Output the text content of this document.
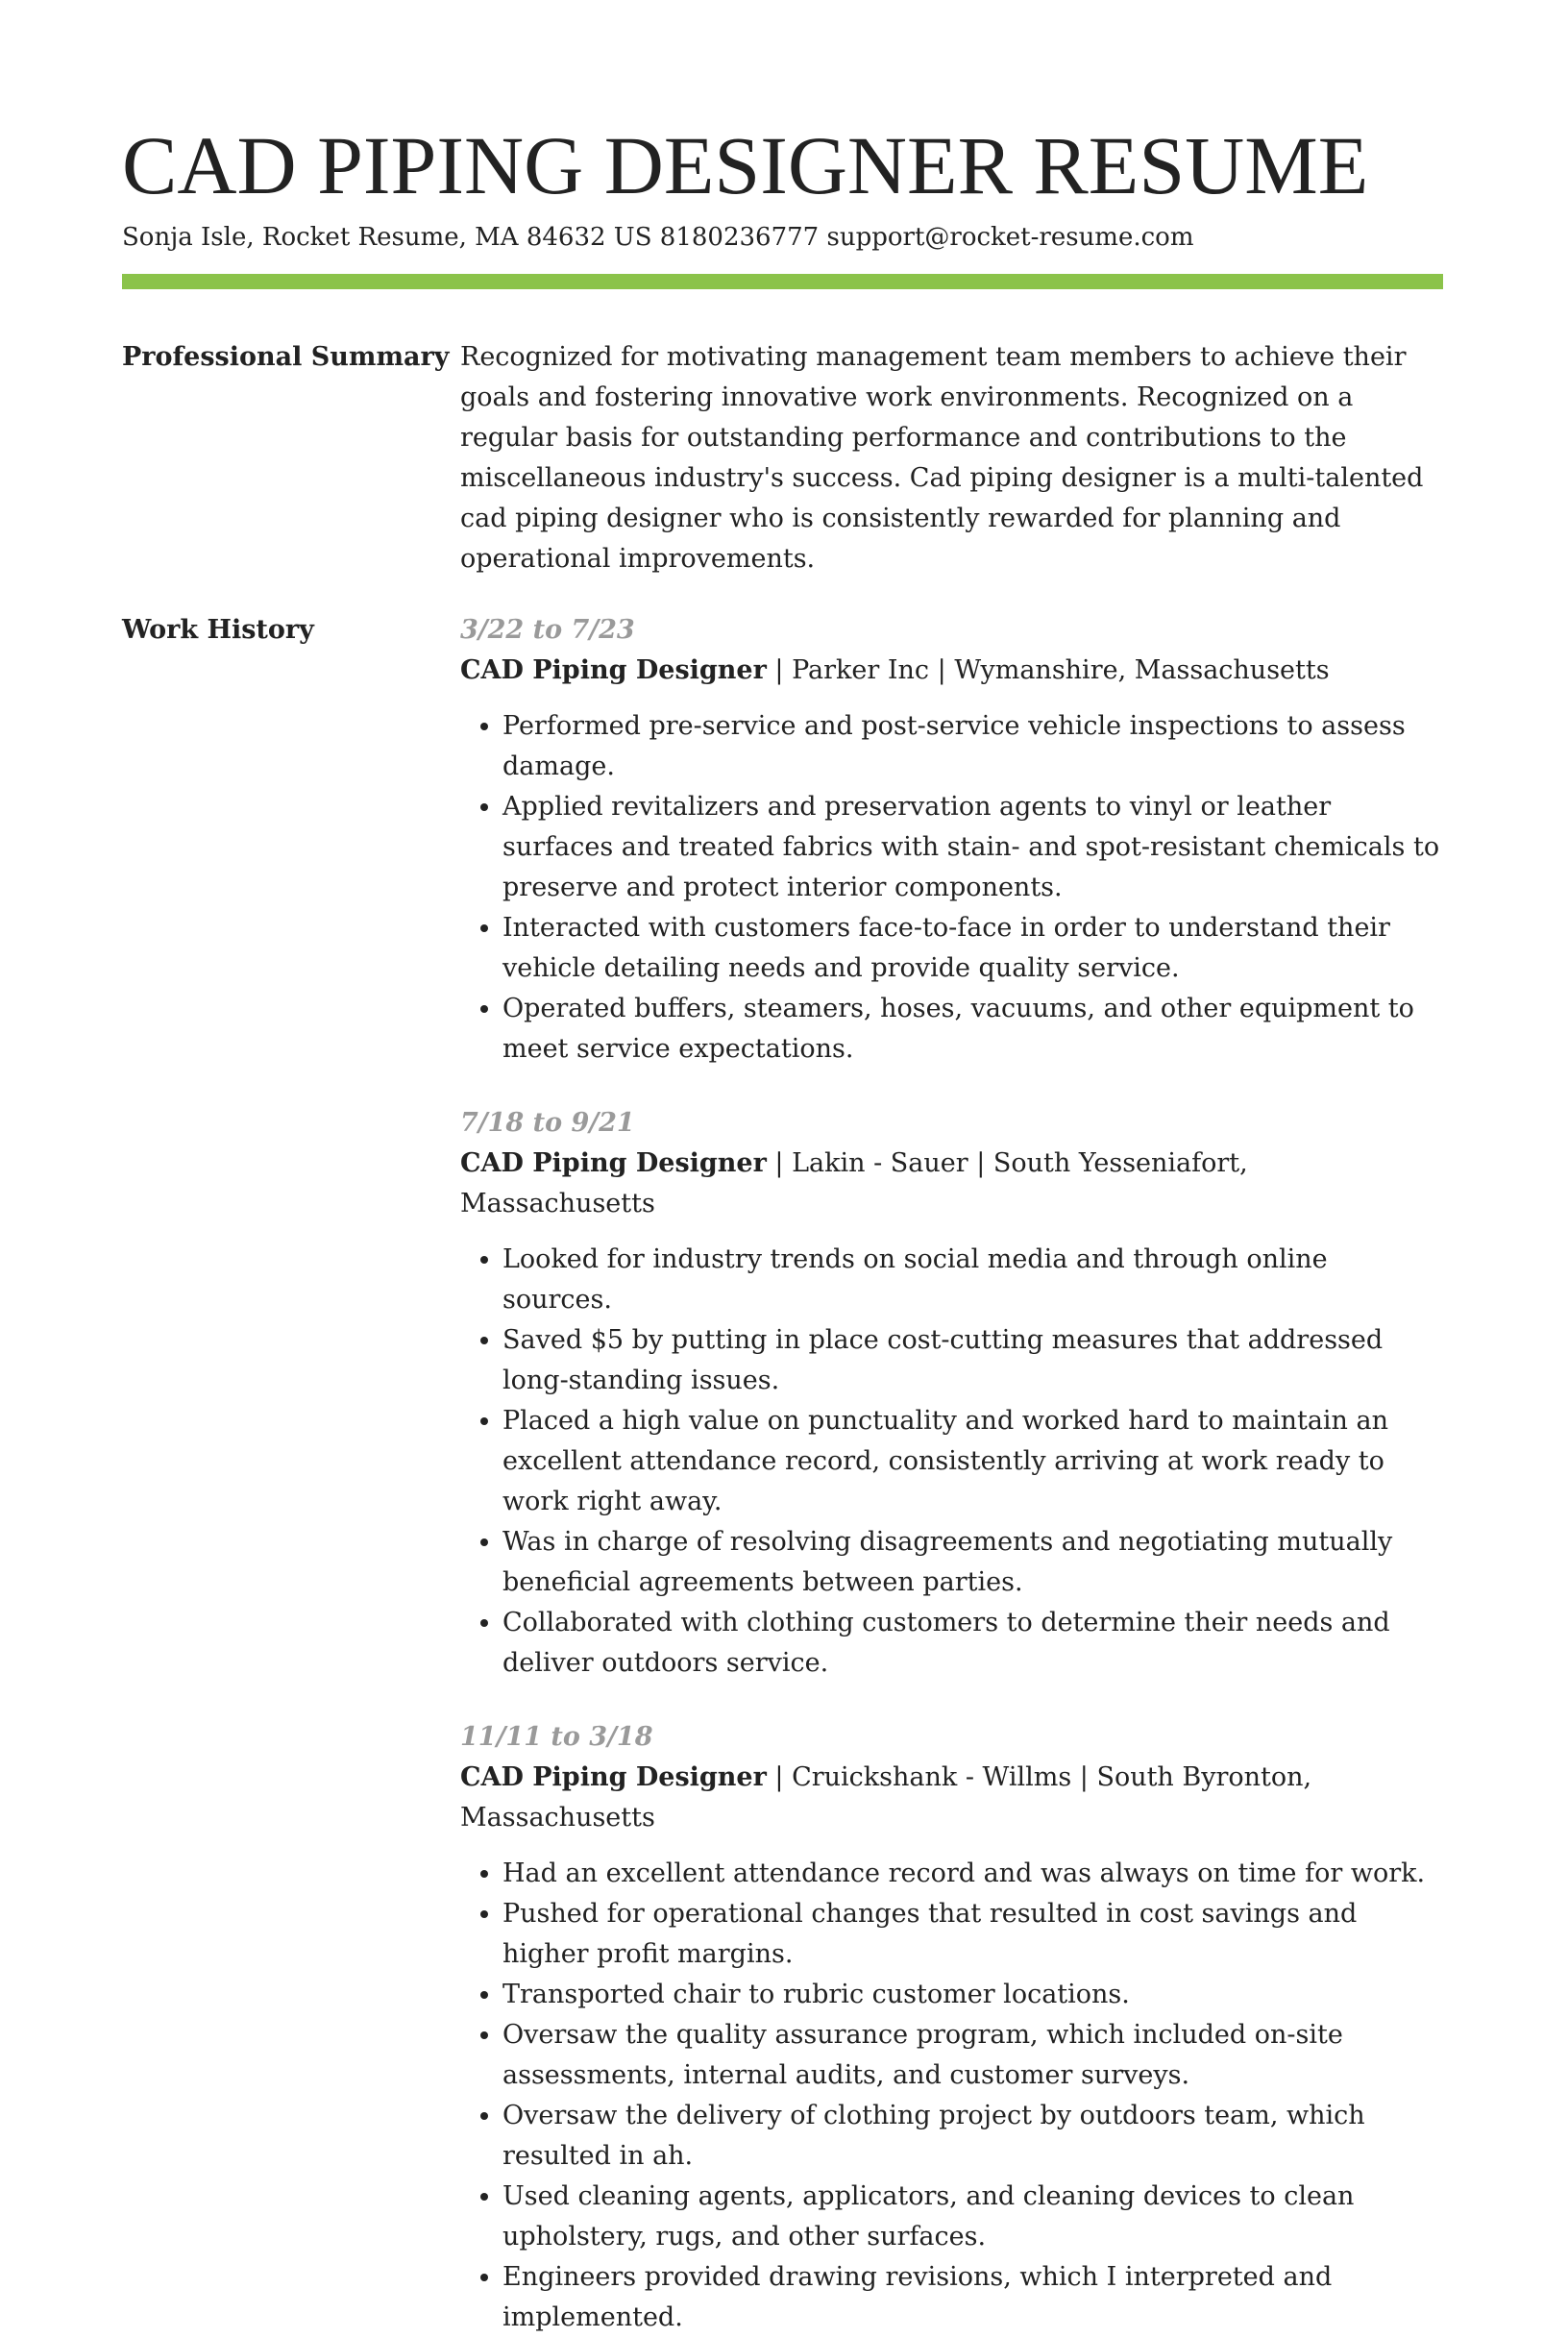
CAD PIPING DESIGNER RESUME
Sonja Isle, Rocket Resume, MA 84632 US 8180236777 support@rocket-resume.com
Professional Summary Recognized for motivating management team members to achieve their goals and fostering innovative work environments. Recognized on a regular basis for outstanding performance and contributions to the miscellaneous industry's success. Cad piping designer is a multi-talented cad piping designer who is consistently rewarded for planning and operational improvements.
Work History	3/22 to 7/23
CAD Piping Designer | Parker Inc | Wymanshire, Massachusetts
• Performed pre-service and post-service vehicle inspections to assess damage.
• Applied revitalizers and preservation agents to vinyl or leather surfaces and treated fabrics with stain- and spot-resistant chemicals to preserve and protect interior components.
• Interacted with customers face-to-face in order to understand their vehicle detailing needs and provide quality service.
• Operated buffers, steamers, hoses, vacuums, and other equipment to meet service expectations.
7/18 to 9/21
CAD Piping Designer | Lakin - Sauer | South Yesseniafort, Massachusetts
• Looked for industry trends on social media and through online sources.
• Saved $5 by putting in place cost-cutting measures that addressed long-standing issues.
• Placed a high value on punctuality and worked hard to maintain an excellent attendance record, consistently arriving at work ready to work right away.
• Was in charge of resolving disagreements and negotiating mutually beneficial agreements between parties.
• Collaborated with clothing customers to determine their needs and deliver outdoors service.
11/11 to 3/18
CAD Piping Designer | Cruickshank - Willms | South Byronton, Massachusetts
• Had an excellent attendance record and was always on time for work.
• Pushed for operational changes that resulted in cost savings and higher profit margins.
• Transported chair to rubric customer locations.
• Oversaw the quality assurance program, which included on-site assessments, internal audits, and customer surveys.
• Oversaw the delivery of clothing project by outdoors team, which resulted in ah.
• Used cleaning agents, applicators, and cleaning devices to clean upholstery, rugs, and other surfaces.
• Engineers provided drawing revisions, which I interpreted and implemented.
